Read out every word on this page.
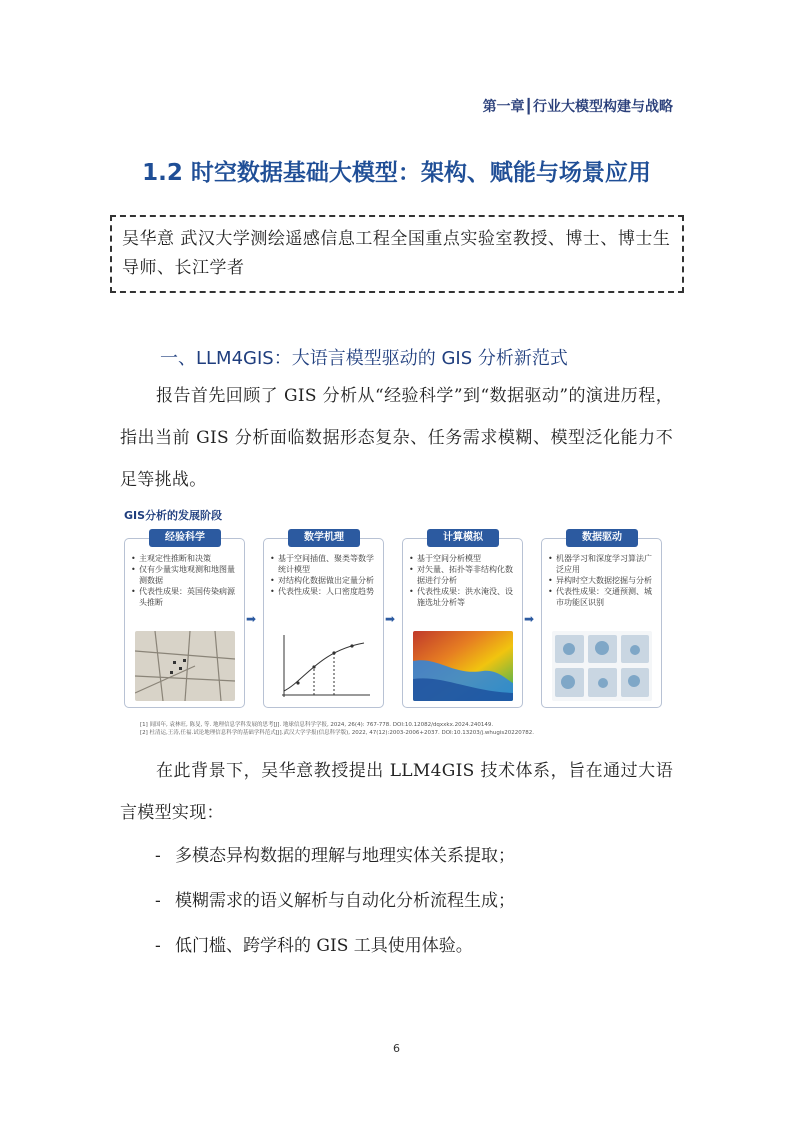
第一章┃行业大模型构建与战略
1.2 时空数据基础大模型：架构、赋能与场景应用
吴华意 武汉大学测绘遥感信息工程全国重点实验室教授、博士、博士生导师、长江学者
一、LLM4GIS：大语言模型驱动的 GIS 分析新范式
报告首先回顾了 GIS 分析从“经验科学”到“数据驱动”的演进历程，指出当前 GIS 分析面临数据形态复杂、任务需求模糊、模型泛化能力不足等挑战。
GIS分析的发展阶段
经验科学
• 主观定性推断和决策
• 仅有少量实地观测和地图量测数据
• 代表性成果：英国传染病源头推断
➡
数学机理
• 基于空间插值、聚类等数学统计模型
• 对结构化数据做出定量分析
• 代表性成果：人口密度趋势
➡
计算模拟
• 基于空间分析模型
• 对矢量、拓扑等非结构化数据进行分析
• 代表性成果：洪水淹没、设施选址分析等
➡
数据驱动
• 机器学习和深度学习算法广泛应用
• 异构时空大数据挖掘与分析
• 代表性成果：交通预测、城市功能区识别
[1] 闾国年, 袁林旺, 陈旻, 等. 地理信息学科发展的思考[J]. 地球信息科学学报, 2024, 26(4): 767-778. DOI:10.12082/dqxxkx.2024.240149.
[2] 杜清运,王涛,任福.试论地理信息科学的基础学科范式[J].武汉大学学报(信息科学版), 2022, 47(12):2003-2006+2037. DOI:10.13203/j.whugis20220782.
在此背景下，吴华意教授提出 LLM4GIS 技术体系，旨在通过大语言模型实现：
- 多模态异构数据的理解与地理实体关系提取；
- 模糊需求的语义解析与自动化分析流程生成；
- 低门槛、跨学科的 GIS 工具使用体验。
6
